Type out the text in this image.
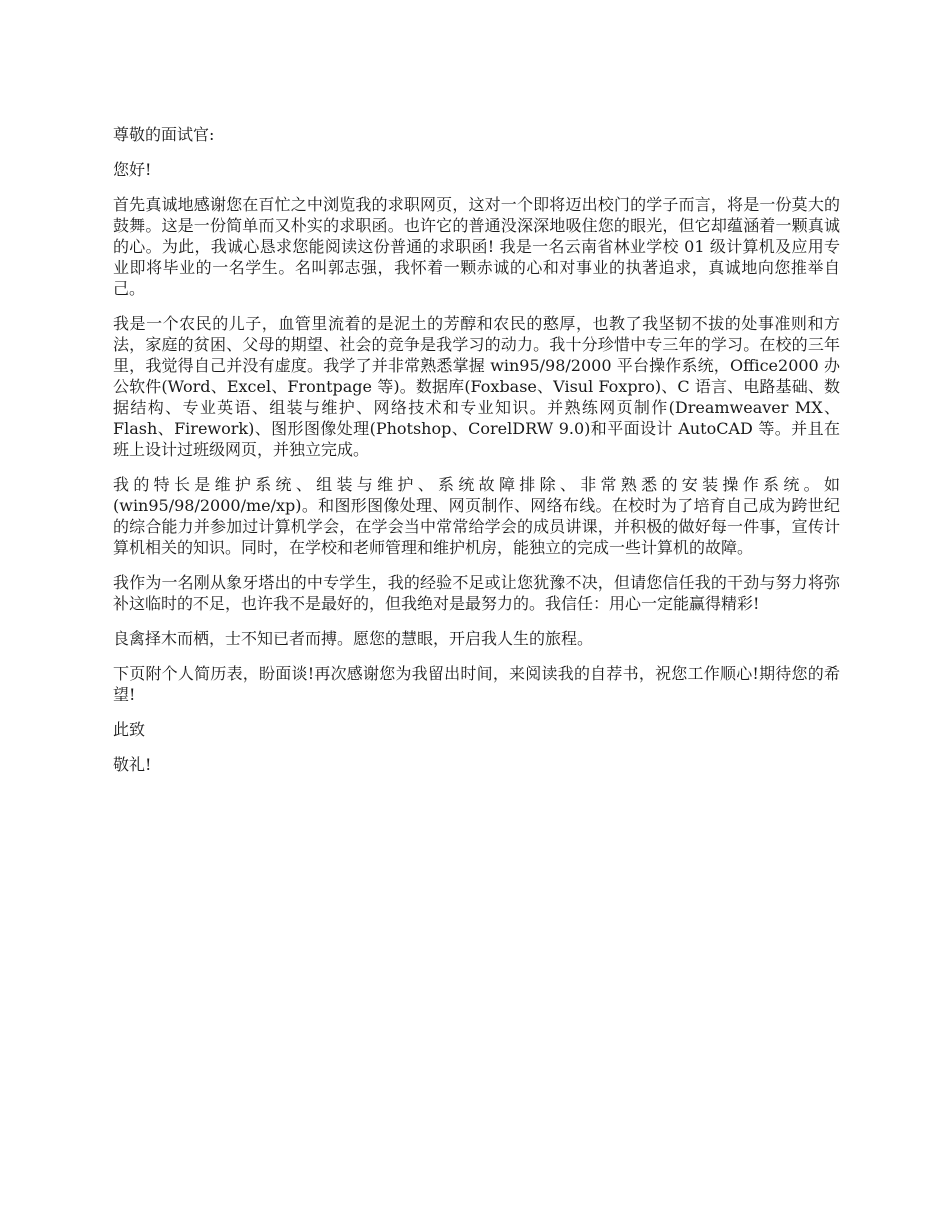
尊敬的面试官:

您好!

首先真诚地感谢您在百忙之中浏览我的求职网页，这对一个即将迈出校门的学子而言，将是一份莫大的鼓舞。这是一份简单而又朴实的求职函。也许它的普通没深深地吸住您的眼光，但它却蕴涵着一颗真诚的心。为此，我诚心恳求您能阅读这份普通的求职函! 我是一名云南省林业学校 01 级计算机及应用专业即将毕业的一名学生。名叫郭志强，我怀着一颗赤诚的心和对事业的执著追求，真诚地向您推举自己。

我是一个农民的儿子，血管里流着的是泥土的芳醇和农民的憨厚，也教了我坚韧不拔的处事准则和方法，家庭的贫困、父母的期望、社会的竞争是我学习的动力。我十分珍惜中专三年的学习。在校的三年里，我觉得自己并没有虚度。我学了并非常熟悉掌握 win95/98/2000 平台操作系统，Office2000 办公软件(Word、Excel、Frontpage 等)。数据库(Foxbase、Visul Foxpro)、C 语言、电路基础、数据结构、专业英语、组装与维护、网络技术和专业知识。并熟练网页制作(Dreamweaver MX、Flash、Firework)、图形图像处理(Photshop、CorelDRW 9.0)和平面设计 AutoCAD 等。并且在班上设计过班级网页，并独立完成。

我的特长是维护系统、组装与维护、系统故障排除、非常熟悉的安装操作系统。如(win95/98/2000/me/xp)。和图形图像处理、网页制作、网络布线。在校时为了培育自己成为跨世纪的综合能力并参加过计算机学会，在学会当中常常给学会的成员讲课，并积极的做好每一件事，宣传计算机相关的知识。同时，在学校和老师管理和维护机房，能独立的完成一些计算机的故障。

我作为一名刚从象牙塔出的中专学生，我的经验不足或让您犹豫不决，但请您信任我的干劲与努力将弥补这临时的不足，也许我不是最好的，但我绝对是最努力的。我信任：用心一定能赢得精彩!

良禽择木而栖，士不知已者而搏。愿您的慧眼，开启我人生的旅程。

下页附个人简历表，盼面谈!再次感谢您为我留出时间，来阅读我的自荐书，祝您工作顺心!期待您的希望!

此致

敬礼!
